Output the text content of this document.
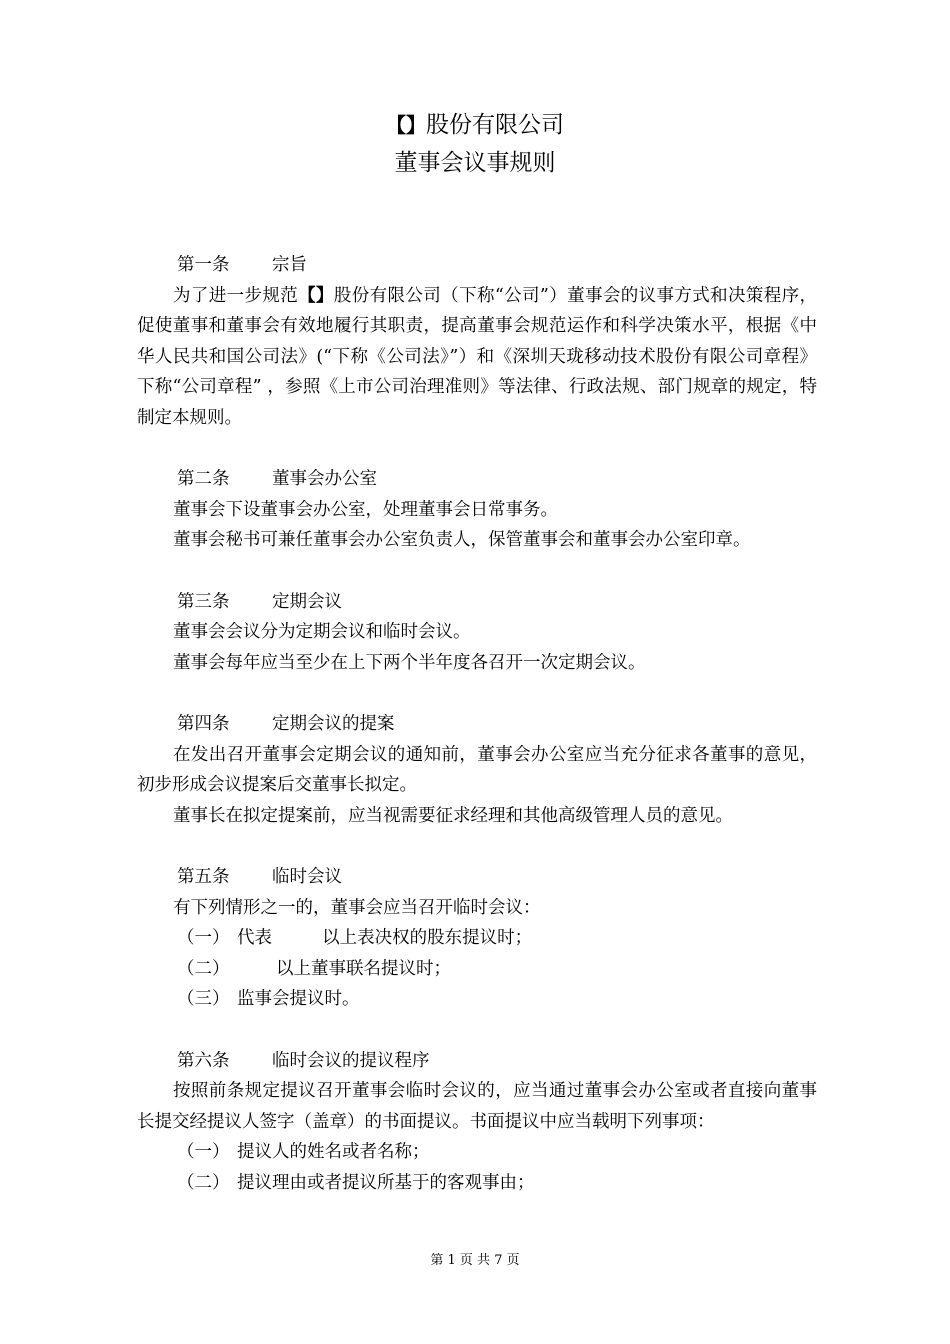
【】股份有限公司
董事会议事规则
第一条 宗旨

为了进一步规范【】股份有限公司（下称“公司”）董事会的议事方式和决策程序，促使董事和董事会有效地履行其职责，提高董事会规范运作和科学决策水平，根据《中华人民共和国公司法》(“下称《公司法》”）和《深圳天珑移动技术股份有限公司章程》 下称“公司章程” ，参照《上市公司治理准则》等法律、行政法规、部门规章的规定，特制定本规则。

第二条 董事会办公室

董事会下设董事会办公室，处理董事会日常事务。

董事会秘书可兼任董事会办公室负责人，保管董事会和董事会办公室印章。

第三条 定期会议

董事会会议分为定期会议和临时会议。

董事会每年应当至少在上下两个半年度各召开一次定期会议。

第四条 定期会议的提案

在发出召开董事会定期会议的通知前，董事会办公室应当充分征求各董事的意见，初步形成会议提案后交董事长拟定。

董事长在拟定提案前，应当视需要征求经理和其他高级管理人员的意见。

第五条 临时会议

有下列情形之一的，董事会应当召开临时会议：

（一） 代表         以上表决权的股东提议时；
（二）       以上董事联名提议时；
（三） 监事会提议时。
第六条 临时会议的提议程序

按照前条规定提议召开董事会临时会议的，应当通过董事会办公室或者直接向董事长提交经提议人签字（盖章）的书面提议。书面提议中应当载明下列事项：

（一） 提议人的姓名或者名称；
（二） 提议理由或者提议所基于的客观事由；
第 1 页 共 7 页
